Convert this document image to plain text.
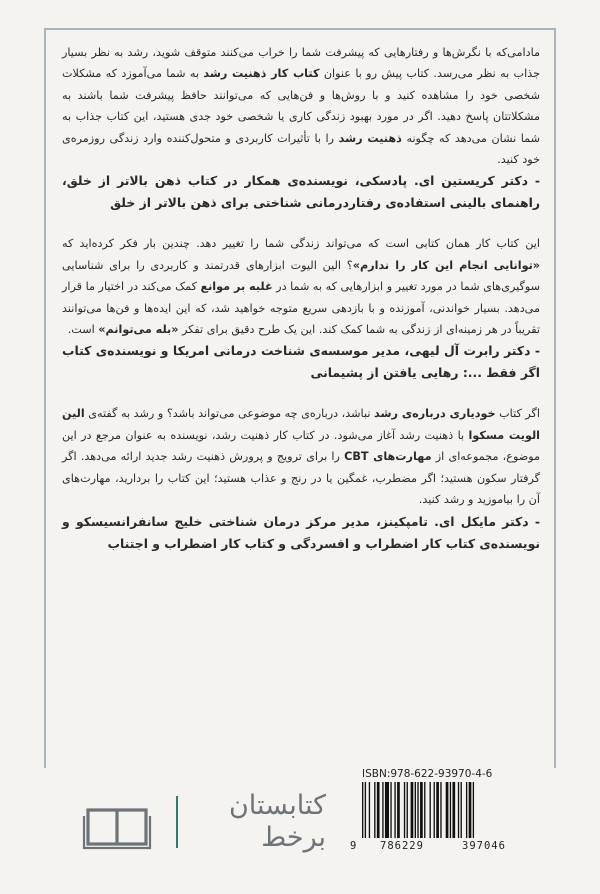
مادامی‌که با نگرش‌ها و رفتارهایی که پیشرفت شما را خراب می‌کنند متوقف شوید، رشد به نظر بسیار جذاب به نظر می‌رسد. کتاب پیش رو با عنوان کتاب کار ذهنیت رشد به شما می‌آموزد که مشکلات شخصی خود را مشاهده کنید و با روش‌ها و فن‌هایی که می‌توانند حافظ پیشرفت شما باشند به مشکلاتتان پاسخ دهید. اگر در مورد بهبود زندگی کاری یا شخصی خود جدی هستید، این کتاب جذاب به شما نشان می‌دهد که چگونه ذهنیت رشد را با تأثیرات کاربردی و متحول‌کننده وارد زندگی روزمره‌ی خود کنید.

- دکتر کریستین ای. پادسکی، نویسنده‌ی همکار در کتاب ذهن بالاتر از خلق، راهنمای بالینی استفاده‌ی رفتاردرمانی شناختی برای ذهن بالاتر از خلق

این کتاب کار همان کتابی است که می‌تواند زندگی شما را تغییر دهد. چندین بار فکر کرده‌اید که «توانایی انجام این کار را ندارم»؟ الین الیوت ابزارهای قدرتمند و کاربردی را برای شناسایی سوگیری‌های شما در مورد تغییر و ابزارهایی که به شما در غلبه بر موانع کمک می‌کند در اختیار ما قرار می‌دهد. بسیار خواندنی، آموزنده و با بازدهی سریع متوجه خواهید شد، که این ایده‌ها و فن‌ها می‌توانند تقریباً در هر زمینه‌ای از زندگی به شما کمک کند. این یک طرح دقیق برای تفکر «بله می‌توانم» است.

- دکتر رابرت آل لیهی، مدیر موسسه‌ی شناخت درمانی امریکا و نویسنده‌ی کتاب اگر فقط ...: رهایی یافتن از پشیمانی

اگر کتاب خودیاری درباره‌ی رشد نباشد، درباره‌ی چه موضوعی می‌تواند باشد؟ و رشد به گفته‌ی الین الویت مسکوا با ذهنیت رشد آغاز می‌شود. در کتاب کار ذهنیت رشد، نویسنده به عنوان مرجع در این موضوع، مجموعه‌ای از مهارت‌های CBT را برای ترویج و پرورش ذهنیت رشد جدید ارائه می‌دهد. اگر گرفتار سکون هستید؛ اگر مضطرب، غمگین یا در رنج و عذاب هستید؛ این کتاب را بردارید، مهارت‌های آن را بیاموزید و رشد کنید.

- دکتر مایکل ای. تامپکینز، مدیر مرکز درمان شناختی خلیج سانفرانسیسکو و نویسنده‌ی کتاب کار اضطراب و افسردگی و کتاب کار اضطراب و اجتناب

کتابستان
برخط
ISBN:978-622-93970-4-6
9 786229	397046
